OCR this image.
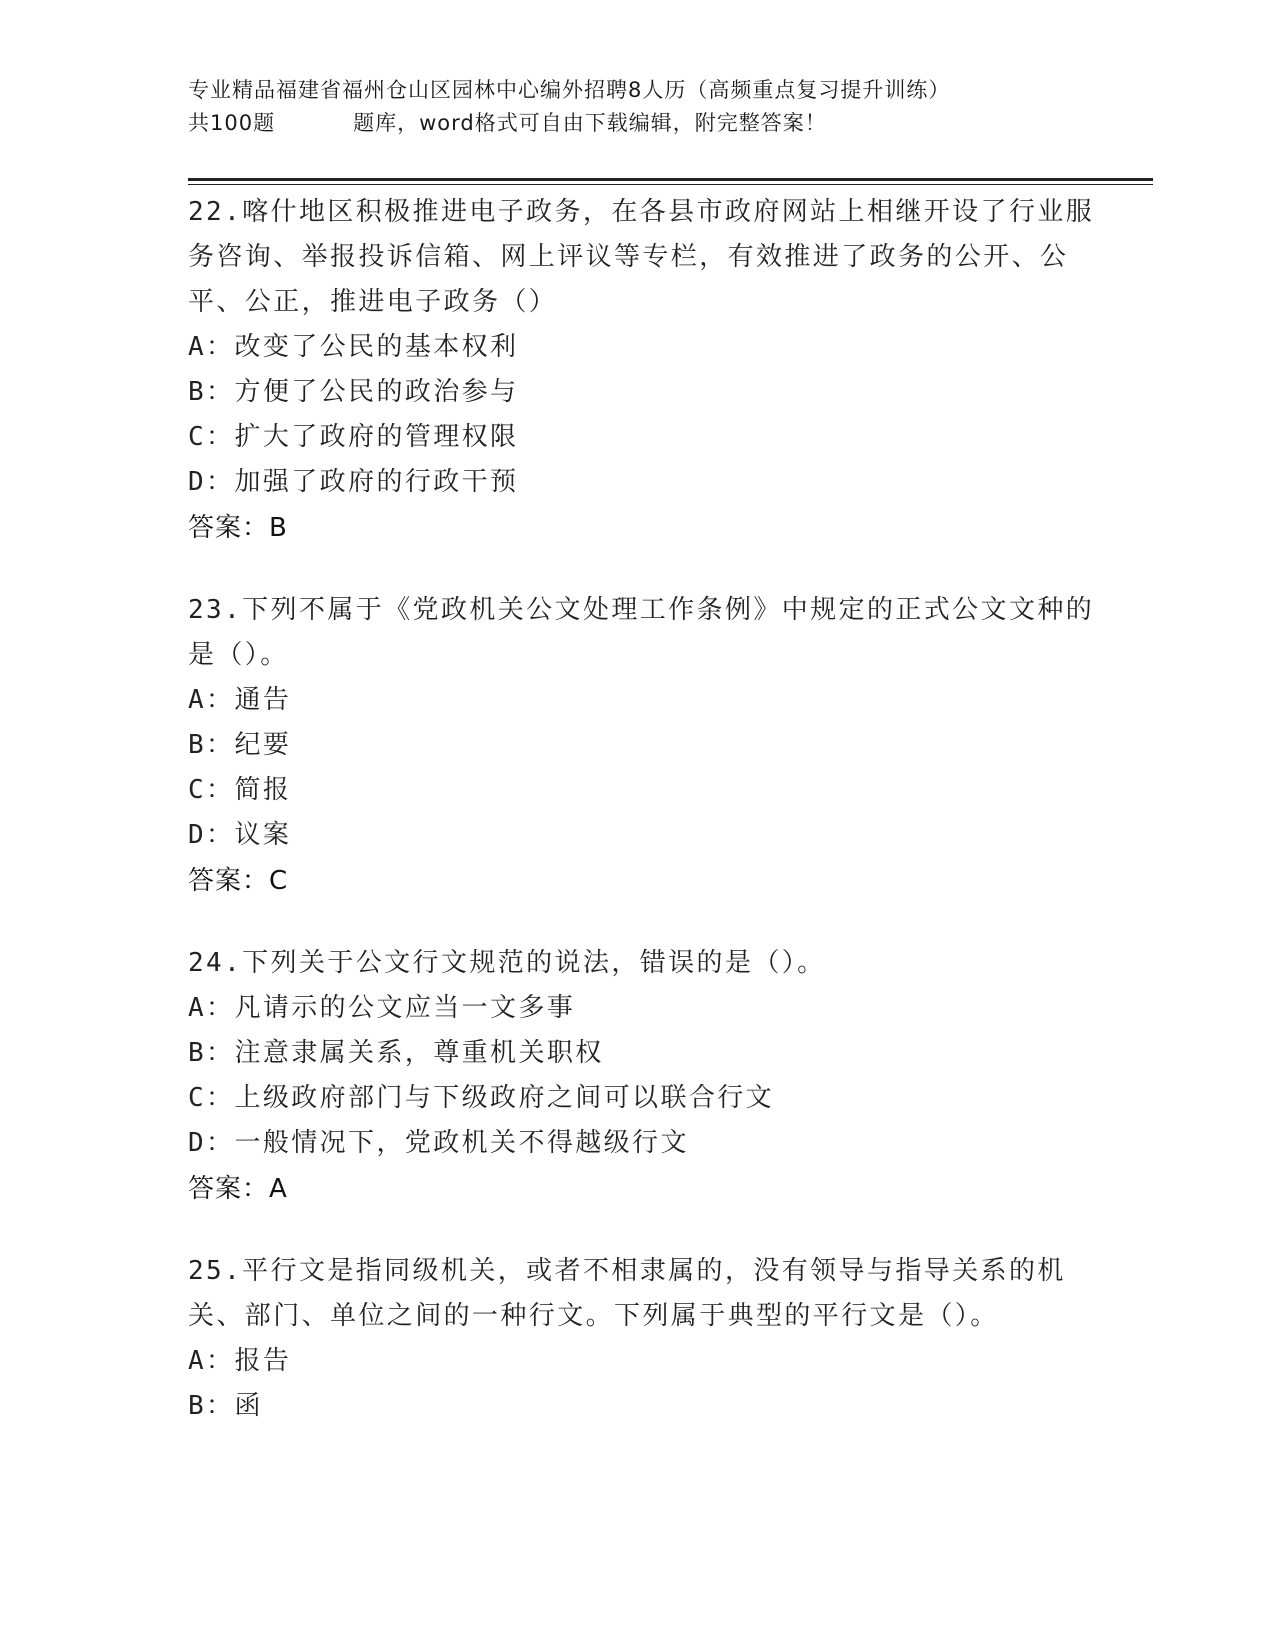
专业精品福建省福州仓山区园林中心编外招聘8人历（高频重点复习提升训练）
共100题	题库，word格式可自由下载编辑，附完整答案！
22.喀什地区积极推进电子政务，在各县市政府网站上相继开设了行业服务咨询、举报投诉信箱、网上评议等专栏，有效推进了政务的公开、公平、公正，推进电子政务（）
A：改变了公民的基本权利
B：方便了公民的政治参与
C：扩大了政府的管理权限
D：加强了政府的行政干预
答案：B
23.下列不属于《党政机关公文处理工作条例》中规定的正式公文文种的是（）。
A：通告
B：纪要
C：简报
D：议案
答案：C
24.下列关于公文行文规范的说法，错误的是（）。
A：凡请示的公文应当一文多事
B：注意隶属关系，尊重机关职权
C：上级政府部门与下级政府之间可以联合行文
D：一般情况下，党政机关不得越级行文
答案：A
25.平行文是指同级机关，或者不相隶属的，没有领导与指导关系的机关、部门、单位之间的一种行文。下列属于典型的平行文是（）。
A：报告
B：函
